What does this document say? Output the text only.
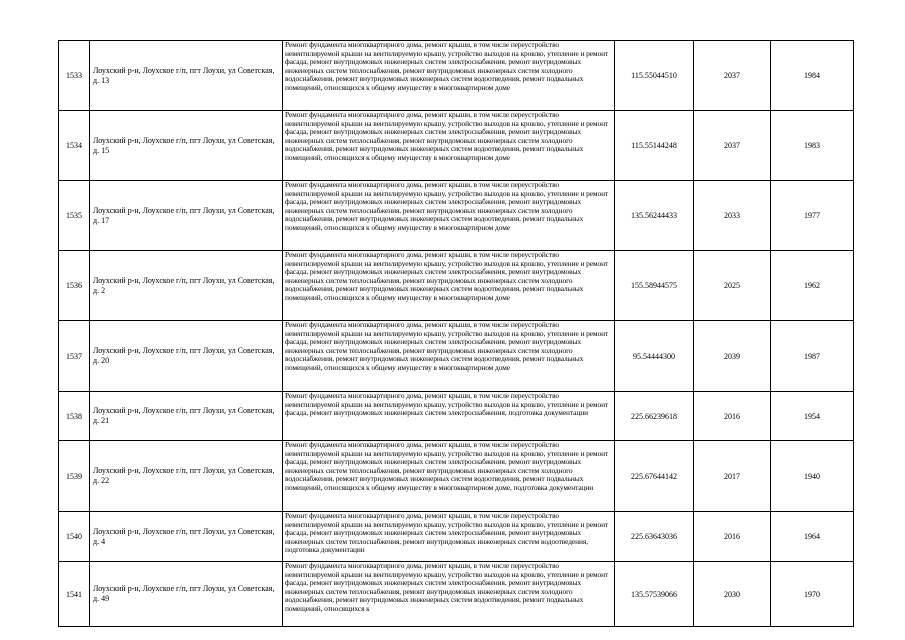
1533	Лоухский р-н, Лоухское г/п, пгт Лоухи, ул Советская, д. 13	Ремонт фундамента многоквартирного дома, ремонт крыши, в том числе переустройство невентилируемой крыши на вентилируемую крышу, устройство выходов на кровлю, утепление и ремонт фасада, ремонт внутридомовых инженерных систем электроснабжения, ремонт внутридомовых инженерных систем теплоснабжения, ремонт внутридомовых инженерных систем холодного водоснабжения, ремонт внутридомовых инженерных систем водоотведения, ремонт подвальных помещений, относящихся к общему имуществу в многоквартирном доме	115.55044510	2037	1984
1534	Лоухский р-н, Лоухское г/п, пгт Лоухи, ул Советская, д. 15	Ремонт фундамента многоквартирного дома, ремонт крыши, в том числе переустройство невентилируемой крыши на вентилируемую крышу, устройство выходов на кровлю, утепление и ремонт фасада, ремонт внутридомовых инженерных систем электроснабжения, ремонт внутридомовых инженерных систем теплоснабжения, ремонт внутридомовых инженерных систем холодного водоснабжения, ремонт внутридомовых инженерных систем водоотведения, ремонт подвальных помещений, относящихся к общему имуществу в многоквартирном доме	115.55144248	2037	1983
1535	Лоухский р-н, Лоухское г/п, пгт Лоухи, ул Советская, д. 17	Ремонт фундамента многоквартирного дома, ремонт крыши, в том числе переустройство невентилируемой крыши на вентилируемую крышу, устройство выходов на кровлю, утепление и ремонт фасада, ремонт внутридомовых инженерных систем электроснабжения, ремонт внутридомовых инженерных систем теплоснабжения, ремонт внутридомовых инженерных систем холодного водоснабжения, ремонт внутридомовых инженерных систем водоотведения, ремонт подвальных помещений, относящихся к общему имуществу в многоквартирном доме	135.56244433	2033	1977
1536	Лоухский р-н, Лоухское г/п, пгт Лоухи, ул Советская, д. 2	Ремонт фундамента многоквартирного дома, ремонт крыши, в том числе переустройство невентилируемой крыши на вентилируемую крышу, устройство выходов на кровлю, утепление и ремонт фасада, ремонт внутридомовых инженерных систем электроснабжения, ремонт внутридомовых инженерных систем теплоснабжения, ремонт внутридомовых инженерных систем холодного водоснабжения, ремонт внутридомовых инженерных систем водоотведения, ремонт подвальных помещений, относящихся к общему имуществу в многоквартирном доме	155.58944575	2025	1962
1537	Лоухский р-н, Лоухское г/п, пгт Лоухи, ул Советская, д. 20	Ремонт фундамента многоквартирного дома, ремонт крыши, в том числе переустройство невентилируемой крыши на вентилируемую крышу, устройство выходов на кровлю, утепление и ремонт фасада, ремонт внутридомовых инженерных систем электроснабжения, ремонт внутридомовых инженерных систем теплоснабжения, ремонт внутридомовых инженерных систем холодного водоснабжения, ремонт внутридомовых инженерных систем водоотведения, ремонт подвальных помещений, относящихся к общему имуществу в многоквартирном доме	95.54444300	2039	1987
1538	Лоухский р-н, Лоухское г/п, пгт Лоухи, ул Советская, д. 21	Ремонт фундамента многоквартирного дома, ремонт крыши, в том числе переустройство невентилируемой крыши на вентилируемую крышу, устройство выходов на кровлю, утепление и ремонт фасада, ремонт внутридомовых инженерных систем электроснабжения, подготовка документации	225.66239618	2016	1954
1539	Лоухский р-н, Лоухское г/п, пгт Лоухи, ул Советская, д. 22	Ремонт фундамента многоквартирного дома, ремонт крыши, в том числе переустройство невентилируемой крыши на вентилируемую крышу, устройство выходов на кровлю, утепление и ремонт фасада, ремонт внутридомовых инженерных систем электроснабжения, ремонт внутридомовых инженерных систем теплоснабжения, ремонт внутридомовых инженерных систем холодного водоснабжения, ремонт внутридомовых инженерных систем водоотведения, ремонт подвальных помещений, относящихся к общему имуществу в многоквартирном доме, подготовка документации	225.67644142	2017	1940
1540	Лоухский р-н, Лоухское г/п, пгт Лоухи, ул Советская, д. 4	Ремонт фундамента многоквартирного дома, ремонт крыши, в том числе переустройство невентилируемой крыши на вентилируемую крышу, устройство выходов на кровлю, утепление и ремонт фасада, ремонт внутридомовых инженерных систем электроснабжения, ремонт внутридомовых инженерных систем теплоснабжения, ремонт внутридомовых инженерных систем водоотведения, подготовка документации	225.63643036	2016	1964
1541	Лоухский р-н, Лоухское г/п, пгт Лоухи, ул Советская, д. 49	Ремонт фундамента многоквартирного дома, ремонт крыши, в том числе переустройство невентилируемой крыши на вентилируемую крышу, устройство выходов на кровлю, утепление и ремонт фасада, ремонт внутридомовых инженерных систем электроснабжения, ремонт внутридомовых инженерных систем теплоснабжения, ремонт внутридомовых инженерных систем холодного водоснабжения, ремонт внутридомовых инженерных систем водоотведения, ремонт подвальных помещений, относящихся к	135.57539066	2030	1970
